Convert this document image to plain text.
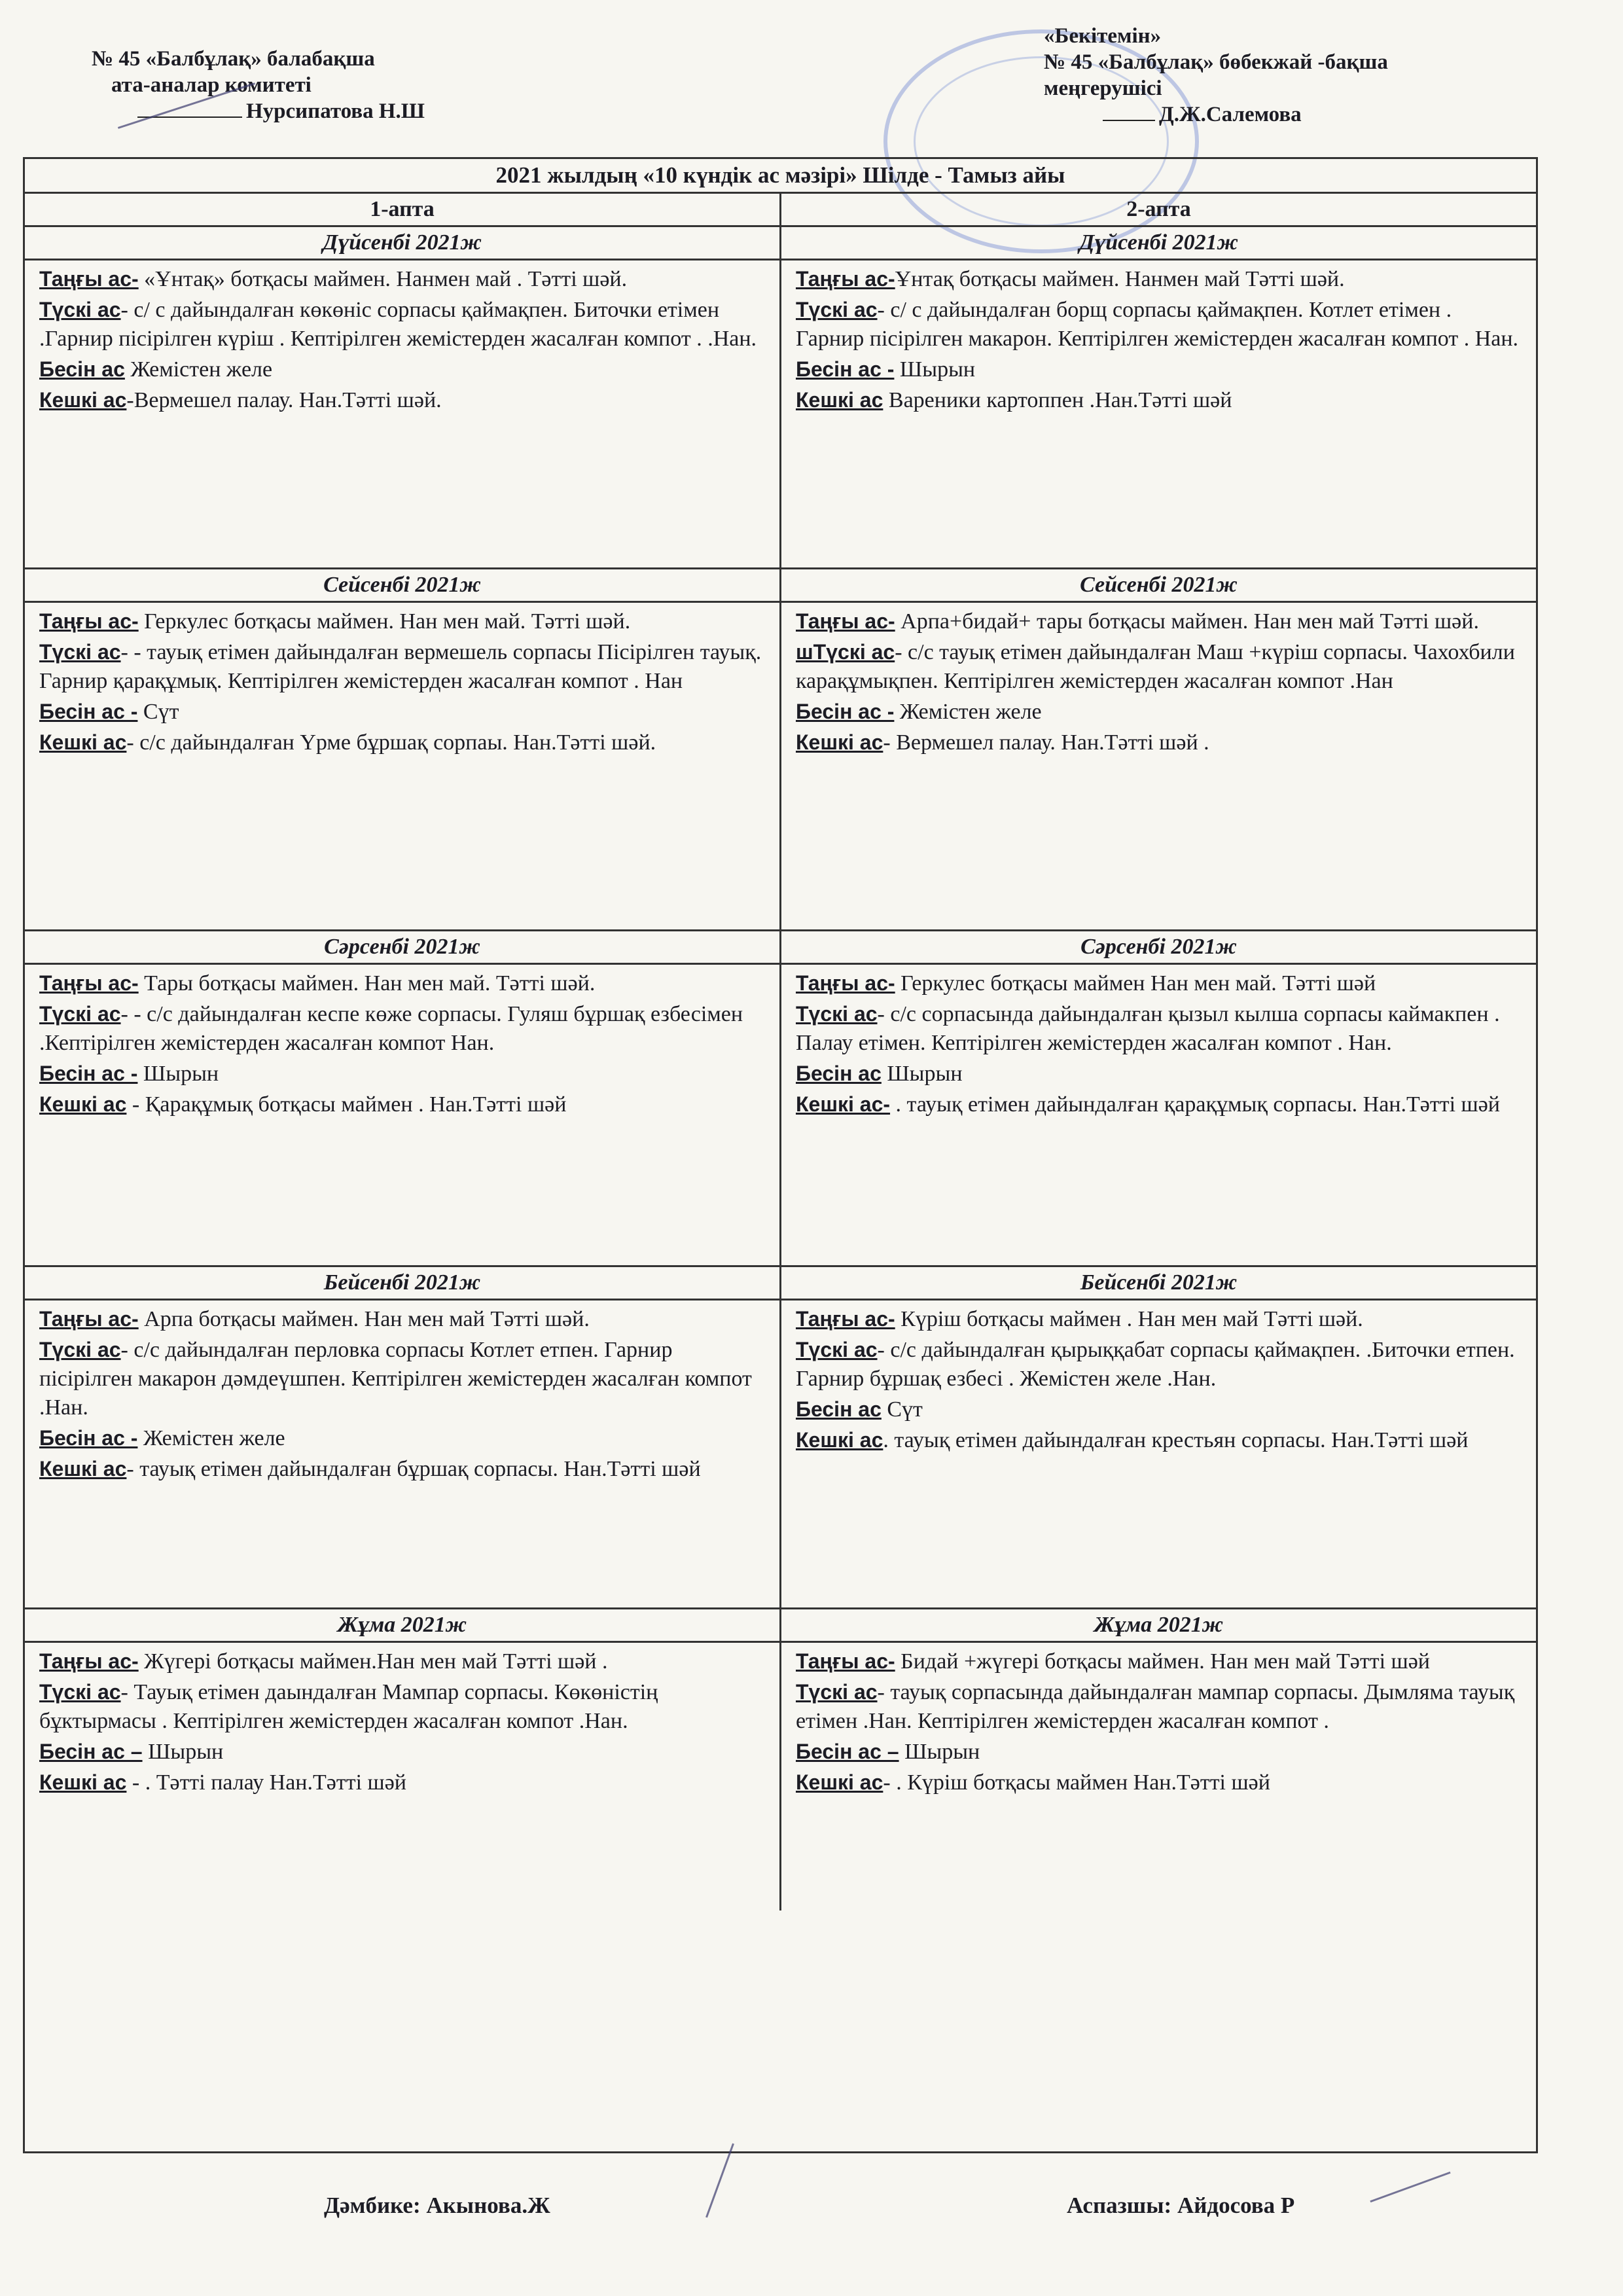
№ 45 «Балбұлақ» балабақша
ата-аналар комитеті
Нурсипатова Н.Ш
«Бекітемін»
№ 45 «Балбұлақ» бөбекжай -бақша
меңгерушісі
Д.Ж.Салемова
2021 жылдың «10 күндік ас мәзірі» Шілде - Тамыз айы
1-апта	2-апта
Дүйсенбі 2021ж
Таңғы ас- «Ұнтақ» ботқасы маймен. Нанмен май . Тәтті шәй.
Түскі ас- с/ с дайындалған көкөніс сорпасы қаймақпен. Биточки етімен .Гарнир пісірілген күріш . Кептірілген жемістерден жасалған компот . .Нан.
Бесін ас Жемістен желе
Кешкі ас-Вермешел палау. Нан.Тәтті шәй.
Дүйсенбі 2021ж
Таңғы ас-Ұнтақ ботқасы маймен. Нанмен май Тәтті шәй.
Түскі ас- с/ с дайындалған борщ сорпасы қаймақпен. Котлет етімен . Гарнир пісірілген макарон. Кептірілген жемістерден жасалған компот . Нан.
Бесін ас - Шырын
Кешкі ас Вареники картоппен .Нан.Тәтті шәй
Сейсенбі 2021ж
Таңғы ас- Геркулес ботқасы маймен. Нан мен май. Тәтті шәй.
Түскі ас- - тауық етімен дайындалған вермешель сорпасы Пісірілген тауық. Гарнир қарақұмық. Кептірілген жемістерден жасалған компот . Нан
Бесін ас - Сүт
Кешкі ас- с/с дайындалған Үрме бұршақ сорпаы. Нан.Тәтті шәй.
Сейсенбі 2021ж
Таңғы ас- Арпа+бидай+ тары ботқасы маймен. Нан мен май Тәтті шәй.
шТүскі ас- с/с тауық етімен дайындалған Маш +күріш сорпасы. Чахохбили карақұмықпен. Кептірілген жемістерден жасалған компот .Нан
Бесін ас - Жемістен желе
Кешкі ас- Вермешел палау. Нан.Тәтті шәй .
Сәрсенбі 2021ж
Таңғы ас- Тары ботқасы маймен. Нан мен май. Тәтті шәй.
Түскі ас- - с/с дайындалған кеспе көже сорпасы. Гуляш бұршақ езбесімен .Кептірілген жемістерден жасалған компот Нан.
Бесін ас - Шырын
Кешкі ас - Қарақұмық ботқасы маймен . Нан.Тәтті шәй
Сәрсенбі 2021ж
Таңғы ас- Геркулес ботқасы маймен Нан мен май. Тәтті шәй
Түскі ас- с/с сорпасында дайындалған қызыл кылша сорпасы каймакпен . Палау етімен. Кептірілген жемістерден жасалған компот . Нан.
Бесін ас Шырын
Кешкі ас- . тауық етімен дайындалған қарақұмық сорпасы. Нан.Тәтті шәй
Бейсенбі 2021ж
Таңғы ас- Арпа ботқасы маймен. Нан мен май Тәтті шәй.
Түскі ас- с/с дайындалған перловка сорпасы Котлет етпен. Гарнир пісірілген макарон дәмдеүшпен. Кептірілген жемістерден жасалған компот .Нан.
Бесін ас - Жемістен желе
Кешкі ас- тауық етімен дайындалған бұршақ сорпасы. Нан.Тәтті шәй
Бейсенбі 2021ж
Таңғы ас- Күріш ботқасы маймен . Нан мен май Тәтті шәй.
Түскі ас- с/с дайындалған қырыққабат сорпасы қаймақпен. .Биточки етпен. Гарнир бұршақ езбесі . Жемістен желе .Нан.
Бесін ас Сүт
Кешкі ас. тауық етімен дайындалған крестьян сорпасы. Нан.Тәтті шәй
Жұма 2021ж
Таңғы ас- Жүгері ботқасы маймен.Нан мен май Тәтті шәй .
Түскі ас- Тауық етімен даындалған Мампар сорпасы. Көкөністің бұктырмасы . Кептірілген жемістерден жасалған компот .Нан.
Бесін ас – Шырын
Кешкі ас - . Тәтті палау Нан.Тәтті шәй
Жұма 2021ж
Таңғы ас- Бидай +жүгері ботқасы маймен. Нан мен май Тәтті шәй
Түскі ас- тауық сорпасында дайындалған мампар сорпасы. Дымляма тауық етімен .Нан. Кептірілген жемістерден жасалған компот .
Бесін ас – Шырын
Кешкі ас- . Күріш ботқасы маймен Нан.Тәтті шәй
Дәмбике: Акынова.Ж	Аспазшы: Айдосова Р
